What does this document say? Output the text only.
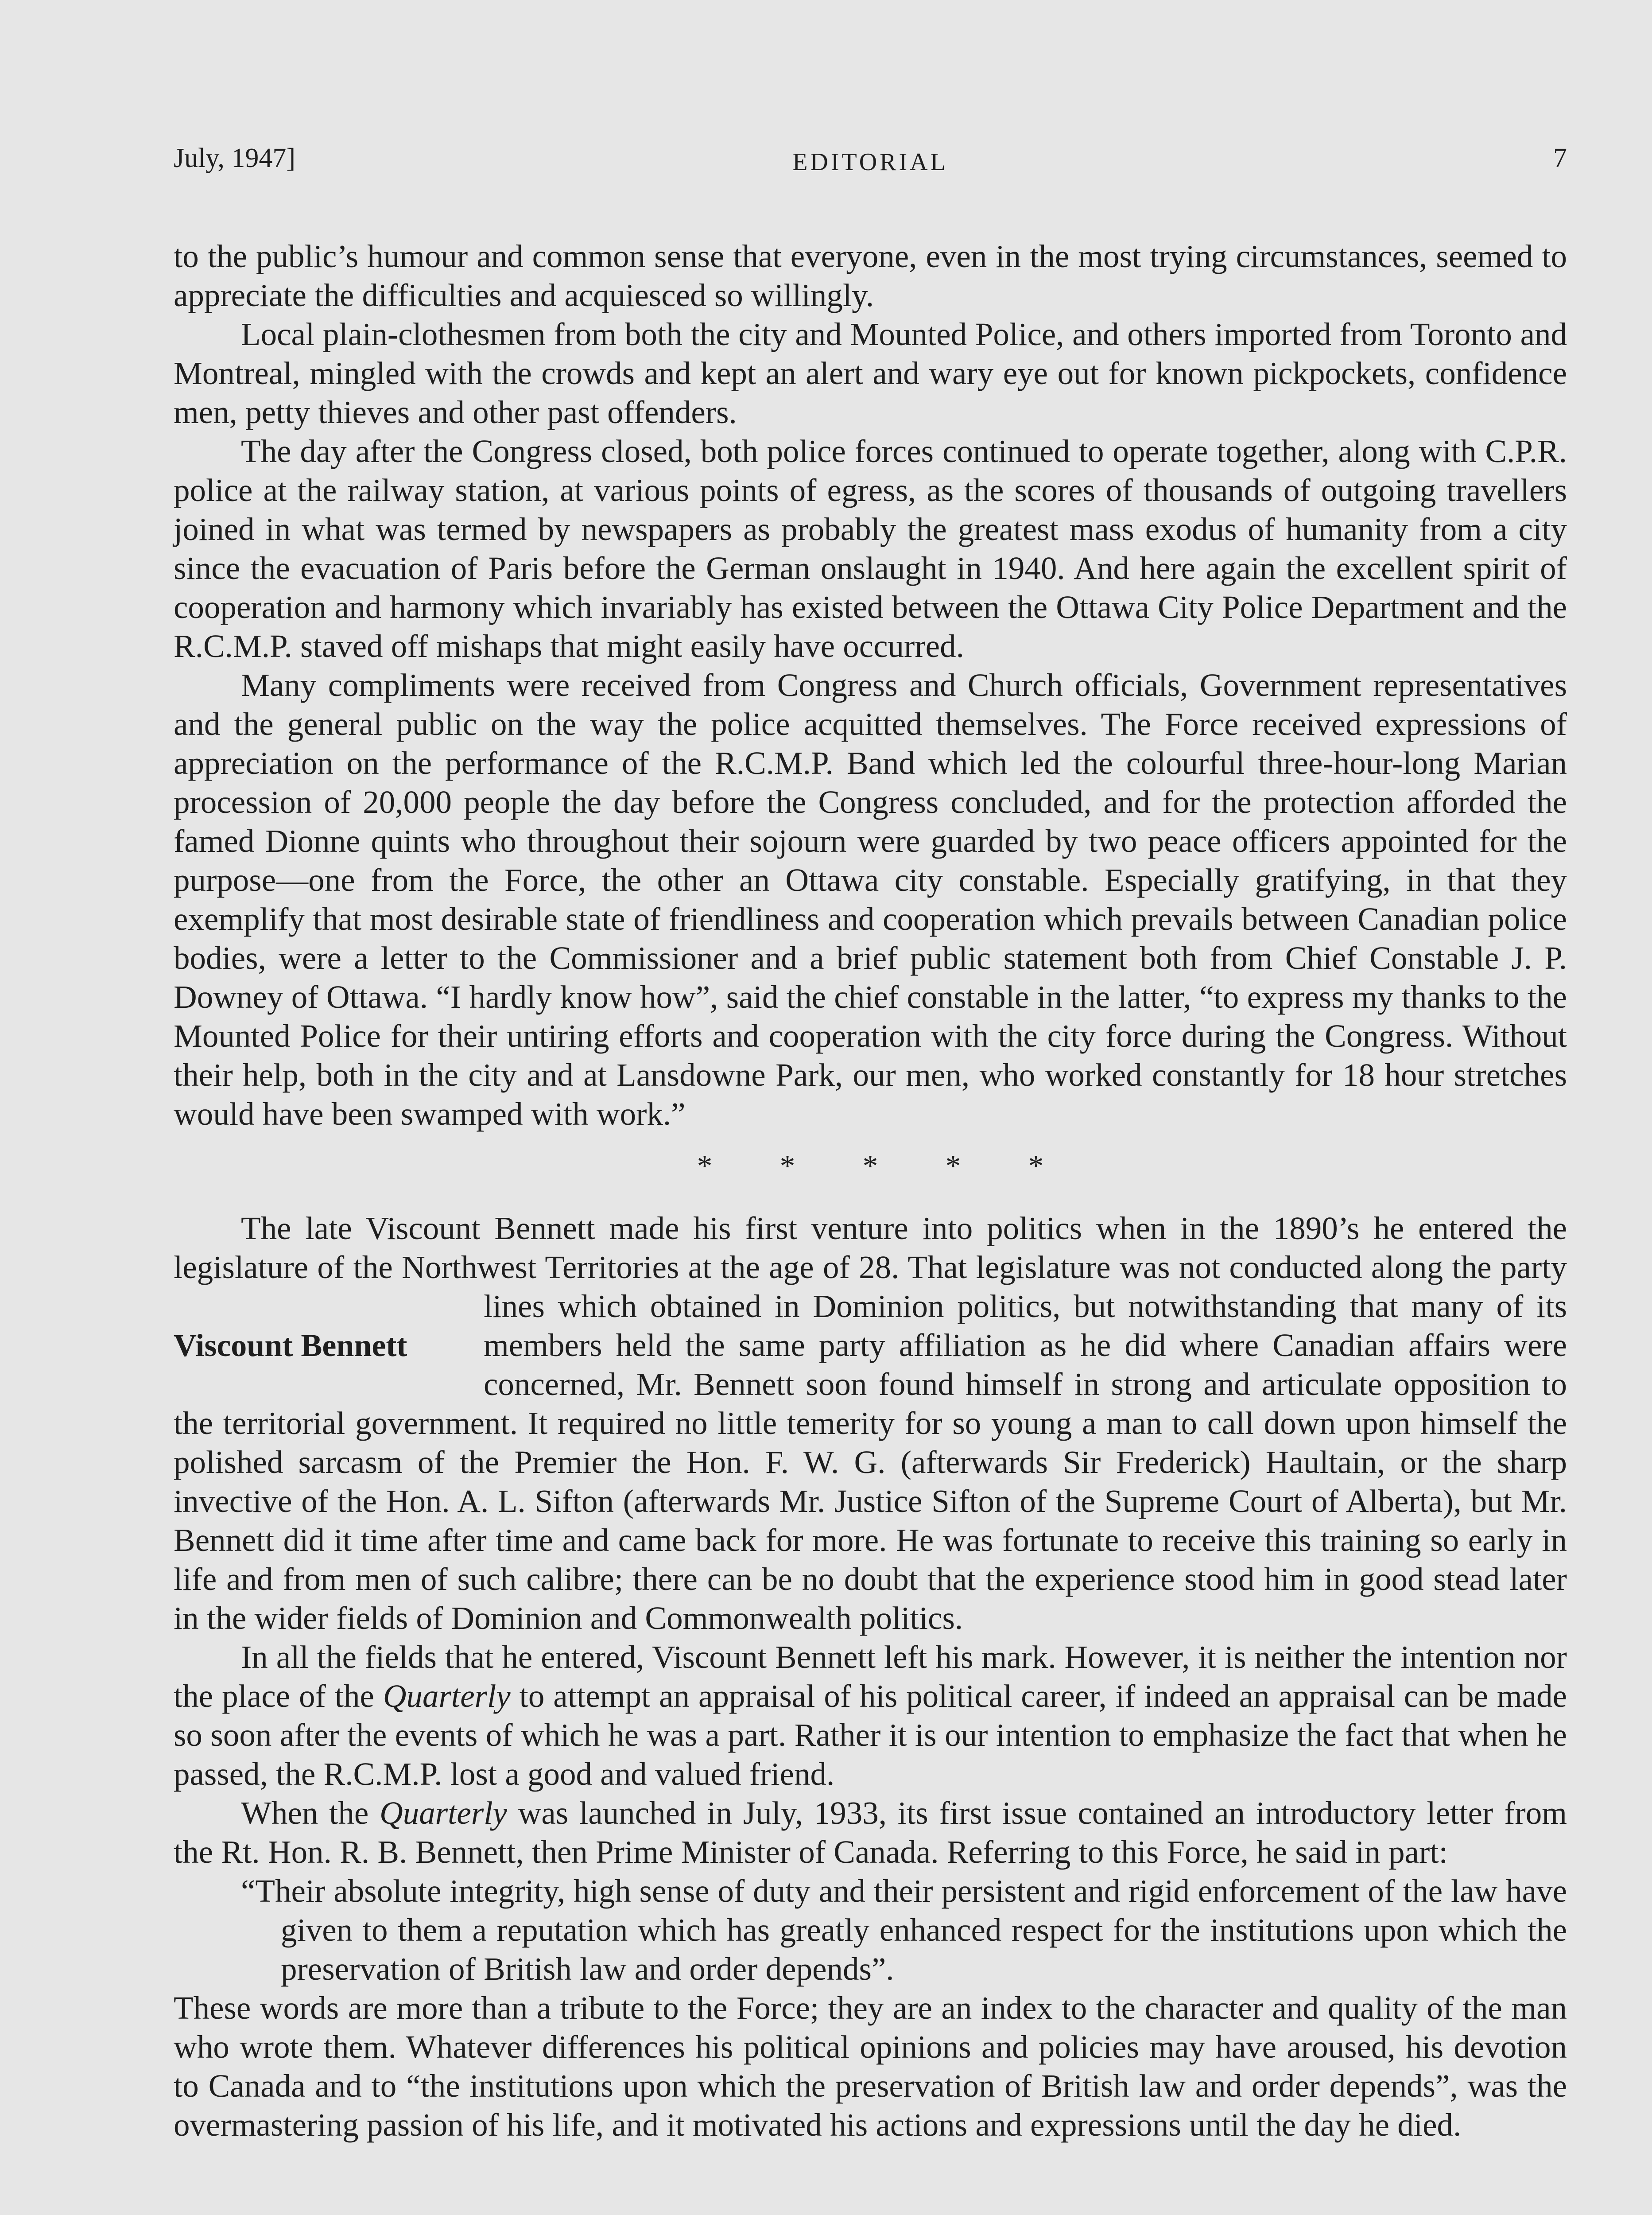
July, 1947]	EDITORIAL	7

to the public’s humour and common sense that everyone, even in the most trying circumstances, seemed to appreciate the difficulties and acquiesced so willingly.

Local plain-clothesmen from both the city and Mounted Police, and others imported from Toronto and Montreal, mingled with the crowds and kept an alert and wary eye out for known pickpockets, confidence men, petty thieves and other past offenders.

The day after the Congress closed, both police forces continued to operate together, along with C.P.R. police at the railway station, at various points of egress, as the scores of thousands of outgoing travellers joined in what was termed by newspapers as probably the greatest mass exodus of humanity from a city since the evacuation of Paris before the German onslaught in 1940. And here again the excellent spirit of cooperation and harmony which invariably has existed between the Ottawa City Police Department and the R.C.M.P. staved off mishaps that might easily have occurred.

Many compliments were received from Congress and Church officials, Government representatives and the general public on the way the police acquitted themselves. The Force received expressions of appreciation on the performance of the R.C.M.P. Band which led the colourful three-hour-long Marian procession of 20,000 people the day before the Congress concluded, and for the protection afforded the famed Dionne quints who throughout their sojourn were guarded by two peace officers appointed for the purpose—one from the Force, the other an Ottawa city constable. Especially gratifying, in that they exemplify that most desirable state of friendliness and cooperation which prevails between Canadian police bodies, were a letter to the Commissioner and a brief public statement both from Chief Constable J. P. Downey of Ottawa. “I hardly know how”, said the chief constable in the latter, “to express my thanks to the Mounted Police for their untiring efforts and cooperation with the city force during the Congress. Without their help, both in the city and at Lansdowne Park, our men, who worked constantly for 18 hour stretches would have been swamped with work.”

* * * * *

The late Viscount Bennett made his first venture into politics when in the 1890’s he entered the legislature of the Northwest Territories at the age of 28. That legislature was not conducted along the party
lines which obtained in Dominion politics, but notwithstanding that many of its members held the same party affiliation as he did where Canadian affairs were concerned, Mr. Bennett soon found himself in strong and articulate opposition to the territorial government. It required no little temerity for so young a man to call down upon himself the polished sarcasm of the Premier the Hon. F. W. G. (afterwards Sir Frederick) Haultain, or the sharp invective of the Hon. A. L. Sifton (afterwards Mr. Justice Sifton of the Supreme Court of Alberta), but Mr. Bennett did it time after time and came back for more. He was fortunate to receive this training so early in life and from men of such calibre; there can be no doubt that the experience stood him in good stead later in the wider fields of Dominion and Commonwealth politics.

In all the fields that he entered, Viscount Bennett left his mark. However, it is neither the intention nor the place of the Quarterly to attempt an appraisal of his political career, if indeed an appraisal can be made so soon after the events of which he was a part. Rather it is our intention to emphasize the fact that when he passed, the R.C.M.P. lost a good and valued friend.

When the Quarterly was launched in July, 1933, its first issue contained an introductory letter from the Rt. Hon. R. B. Bennett, then Prime Minister of Canada. Referring to this Force, he said in part:

“Their absolute integrity, high sense of duty and their persistent and rigid enforcement of the law have given to them a reputation which has greatly enhanced respect for the institutions upon which the preservation of British law and order depends”.

These words are more than a tribute to the Force; they are an index to the character and quality of the man who wrote them. Whatever differences his political opinions and policies may have aroused, his devotion to Canada and to “the institutions upon which the preservation of British law and order depends”, was the overmastering passion of his life, and it motivated his actions and expressions until the day he died.

Viscount Bennett
